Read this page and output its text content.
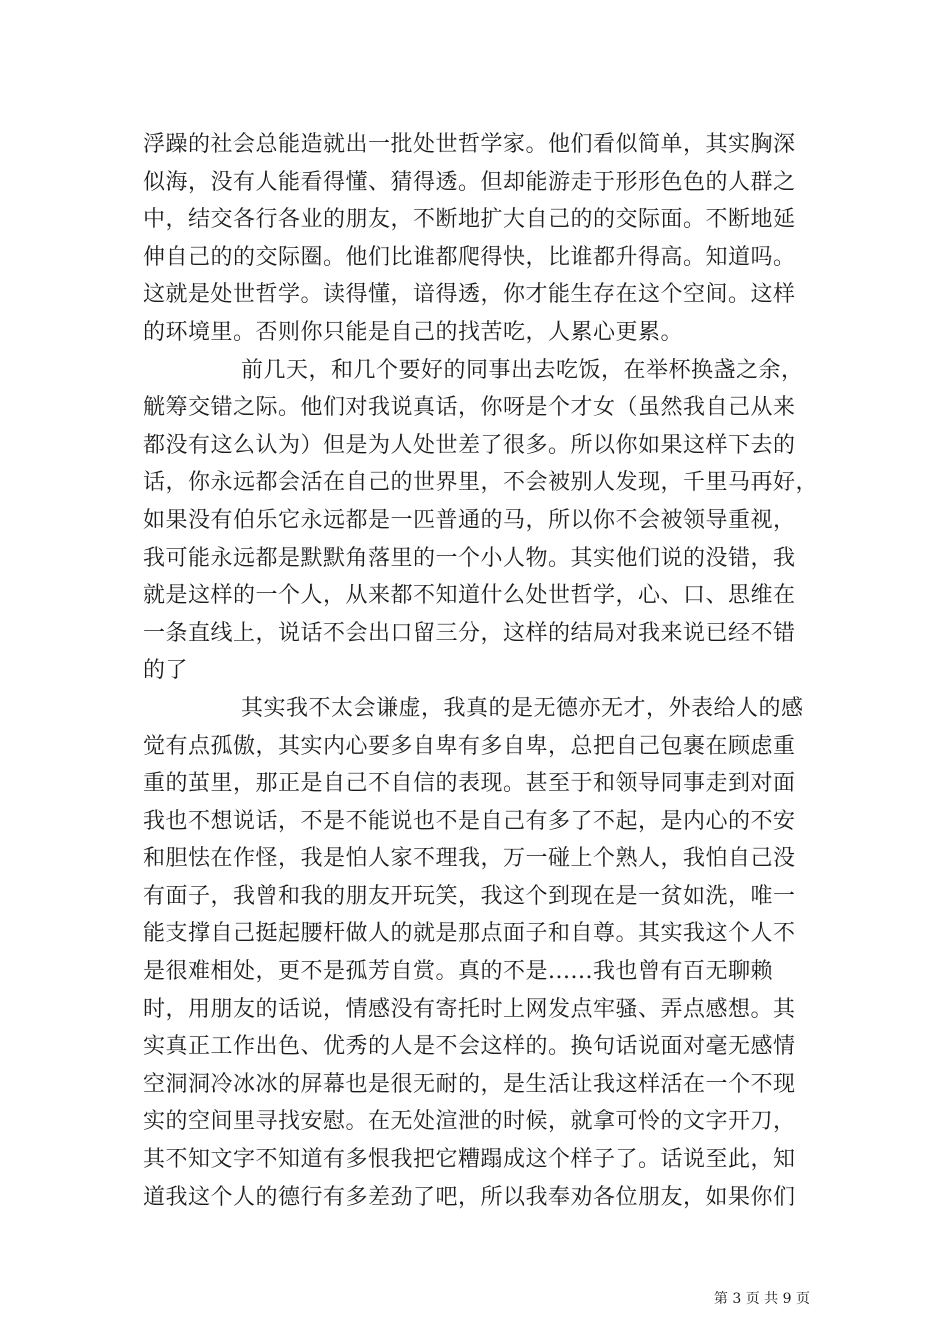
浮躁的社会总能造就出一批处世哲学家。他们看似简单，其实胸深
似海，没有人能看得懂、猜得透。但却能游走于形形色色的人群之
中，结交各行各业的朋友，不断地扩大自己的的交际面。不断地延
伸自己的的交际圈。他们比谁都爬得快，比谁都升得高。知道吗。
这就是处世哲学。读得懂，谙得透，你才能生存在这个空间。这样
的环境里。否则你只能是自己的找苦吃，人累心更累。
前几天，和几个要好的同事出去吃饭，在举杯换盏之余，
觥筹交错之际。他们对我说真话，你呀是个才女（虽然我自己从来
都没有这么认为）但是为人处世差了很多。所以你如果这样下去的
话，你永远都会活在自己的世界里，不会被别人发现，千里马再好，
如果没有伯乐它永远都是一匹普通的马，所以你不会被领导重视，
我可能永远都是默默角落里的一个小人物。其实他们说的没错，我
就是这样的一个人，从来都不知道什么处世哲学，心、口、思维在
一条直线上，说话不会出口留三分，这样的结局对我来说已经不错
的了
其实我不太会谦虚，我真的是无德亦无才，外表给人的感
觉有点孤傲，其实内心要多自卑有多自卑，总把自己包裹在顾虑重
重的茧里，那正是自己不自信的表现。甚至于和领导同事走到对面
我也不想说话，不是不能说也不是自己有多了不起，是内心的不安
和胆怯在作怪，我是怕人家不理我，万一碰上个熟人，我怕自己没
有面子，我曾和我的朋友开玩笑，我这个到现在是一贫如洗，唯一
能支撑自己挺起腰杆做人的就是那点面子和自尊。其实我这个人不
是很难相处，更不是孤芳自赏。真的不是......我也曾有百无聊赖
时，用朋友的话说，情感没有寄托时上网发点牢骚、弄点感想。其
实真正工作出色、优秀的人是不会这样的。换句话说面对毫无感情
空洞洞冷冰冰的屏幕也是很无耐的，是生活让我这样活在一个不现
实的空间里寻找安慰。在无处渲泄的时候，就拿可怜的文字开刀，
其不知文字不知道有多恨我把它糟蹋成这个样子了。话说至此，知
道我这个人的德行有多差劲了吧，所以我奉劝各位朋友，如果你们
第 3 页 共 9 页
